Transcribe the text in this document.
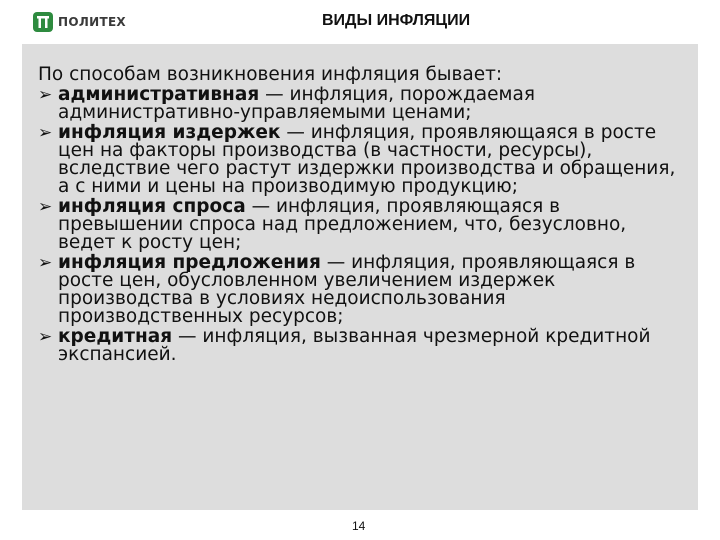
ПОЛИТЕХ	ВИДЫ ИНФЛЯЦИИ

По способам возникновения инфляция бывает:

➢ административная — инфляция, порождаемая административно-управляемыми ценами;
➢ инфляция издержек — инфляция, проявляющаяся в росте цен на факторы производства (в частности, ресурсы), вследствие чего растут издержки производства и обращения, а с ними и цены на производимую продукцию;
➢ инфляция спроса — инфляция, проявляющаяся в превышении спроса над предложением, что, безусловно, ведет к росту цен;
➢ инфляция предложения — инфляция, проявляющаяся в росте цен, обусловленном увеличением издержек производства в условиях недоиспользования производственных ресурсов;
➢ кредитная — инфляция, вызванная чрезмерной кредитной экспансией.
14
